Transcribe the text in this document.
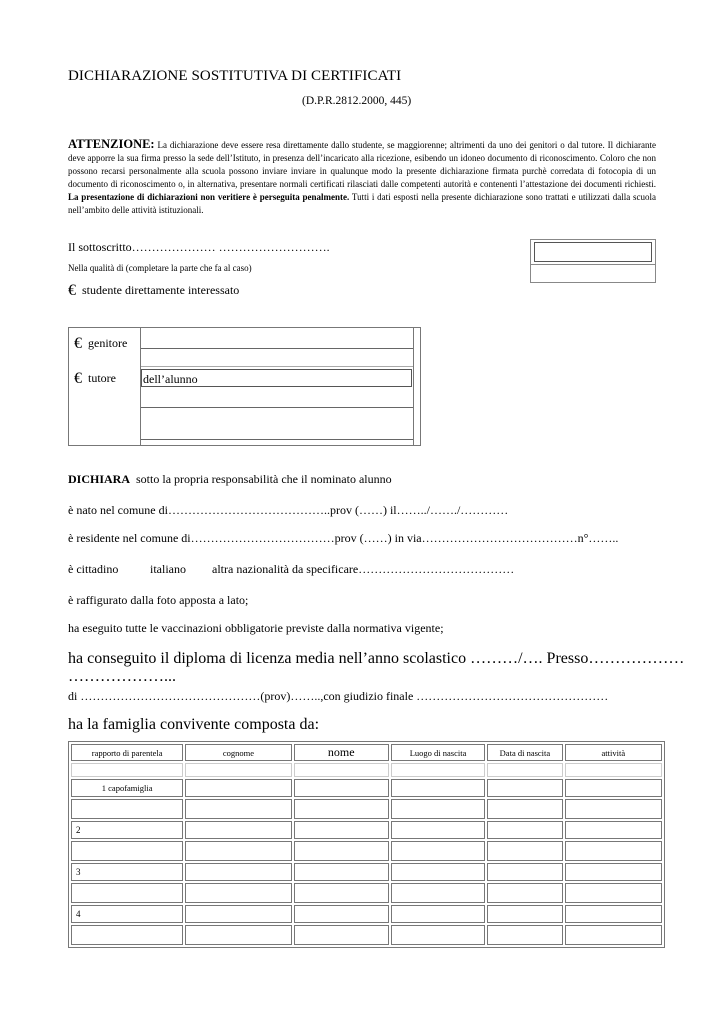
DICHIARAZIONE SOSTITUTIVA DI CERTIFICATI
(D.P.R.2812.2000, 445)
ATTENZIONE: La dichiarazione deve essere resa direttamente dallo studente, se maggiorenne; altrimenti da uno dei genitori o dal tutore. Il dichiarante deve apporre la sua firma presso la sede dell’Istituto, in presenza dell’incaricato alla ricezione, esibendo un idoneo documento di riconoscimento. Coloro che non possono recarsi personalmente alla scuola possono inviare inviare in qualunque modo la presente dichiarazione firmata purchè corredata di fotocopia di un documento di riconoscimento o, in alternativa, presentare normali certificati rilasciati dalle competenti autorità e contenenti l’attestazione dei documenti richiesti. La presentazione di dichiarazioni non veritiere è perseguita penalmente. Tutti i dati esposti nella presente dichiarazione sono trattati e utilizzati dalla scuola nell’ambito delle attività istituzionali.
Il sottoscritto………………… ……………………….
Nella qualità di (completare la parte che fa al caso)
€ studente direttamente interessato
€ genitore
€ tutore dell’alunno
DICHIARA sotto la propria responsabilità che il nominato alunno
è nato nel comune di…………………………………..prov (……) il……../……./…………
è residente nel comune di………………………………prov (……) in via…………………………………n°……..
è cittadino	italiano altra nazionalità da specificare…………………………………
è raffigurato dalla foto apposta a lato;
ha eseguito tutte le vaccinazioni obbligatorie previste dalla normativa vigente;
ha conseguito il diploma di licenza media nell’anno scolastico ………/…. Presso………………
………………...
di ………………………………………(prov)……..,con giudizio finale …………………………………………
ha la famiglia convivente composta da:
rapporto di parentela	cognome	nome	Luogo di nascita	Data di nascita	attività

1 capofamiglia					

2					

3					

4					
